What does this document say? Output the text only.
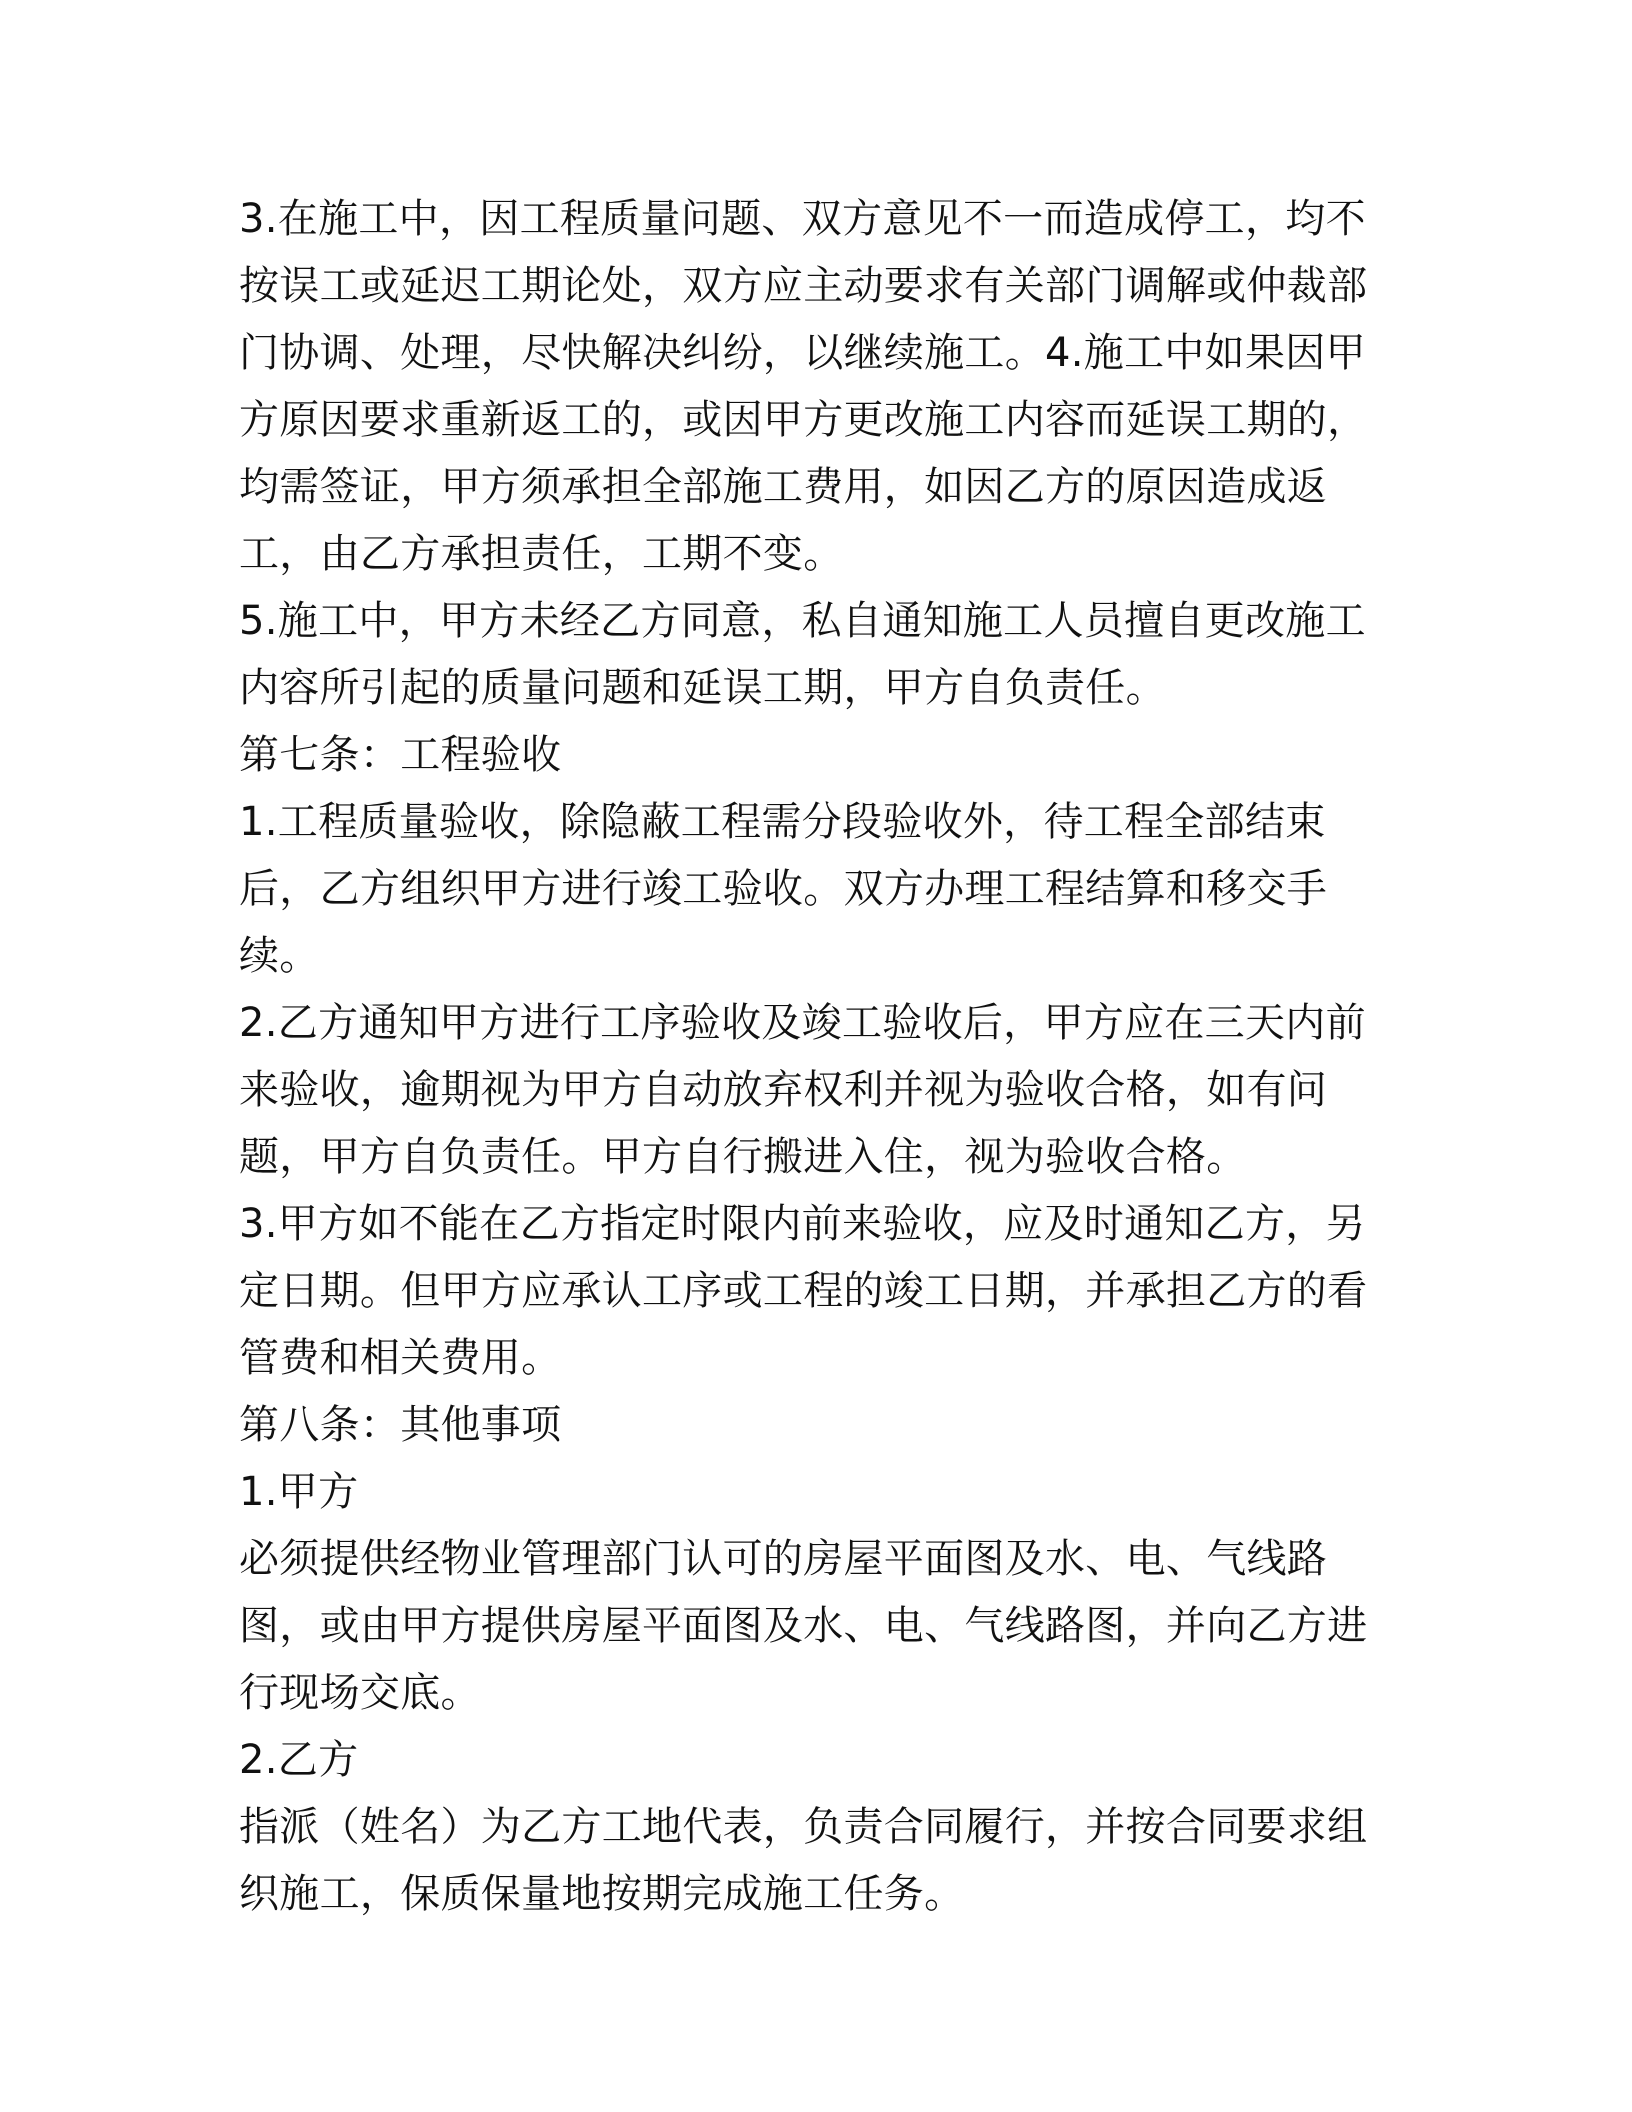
3.在施工中，因工程质量问题、双方意见不一而造成停工，均不按误工或延迟工期论处，双方应主动要求有关部门调解或仲裁部门协调、处理，尽快解决纠纷，以继续施工。4.施工中如果因甲方原因要求重新返工的，或因甲方更改施工内容而延误工期的，均需签证，甲方须承担全部施工费用，如因乙方的原因造成返工，由乙方承担责任，工期不变。

5.施工中，甲方未经乙方同意，私自通知施工人员擅自更改施工内容所引起的质量问题和延误工期，甲方自负责任。

第七条：工程验收

1.工程质量验收，除隐蔽工程需分段验收外，待工程全部结束后，乙方组织甲方进行竣工验收。双方办理工程结算和移交手续。

2.乙方通知甲方进行工序验收及竣工验收后，甲方应在三天内前来验收，逾期视为甲方自动放弃权利并视为验收合格，如有问题，甲方自负责任。甲方自行搬进入住，视为验收合格。

3.甲方如不能在乙方指定时限内前来验收，应及时通知乙方，另定日期。但甲方应承认工序或工程的竣工日期，并承担乙方的看管费和相关费用。

第八条：其他事项

1.甲方

必须提供经物业管理部门认可的房屋平面图及水、电、气线路图，或由甲方提供房屋平面图及水、电、气线路图，并向乙方进行现场交底。

2.乙方

指派（姓名）为乙方工地代表，负责合同履行，并按合同要求组织施工，保质保量地按期完成施工任务。
